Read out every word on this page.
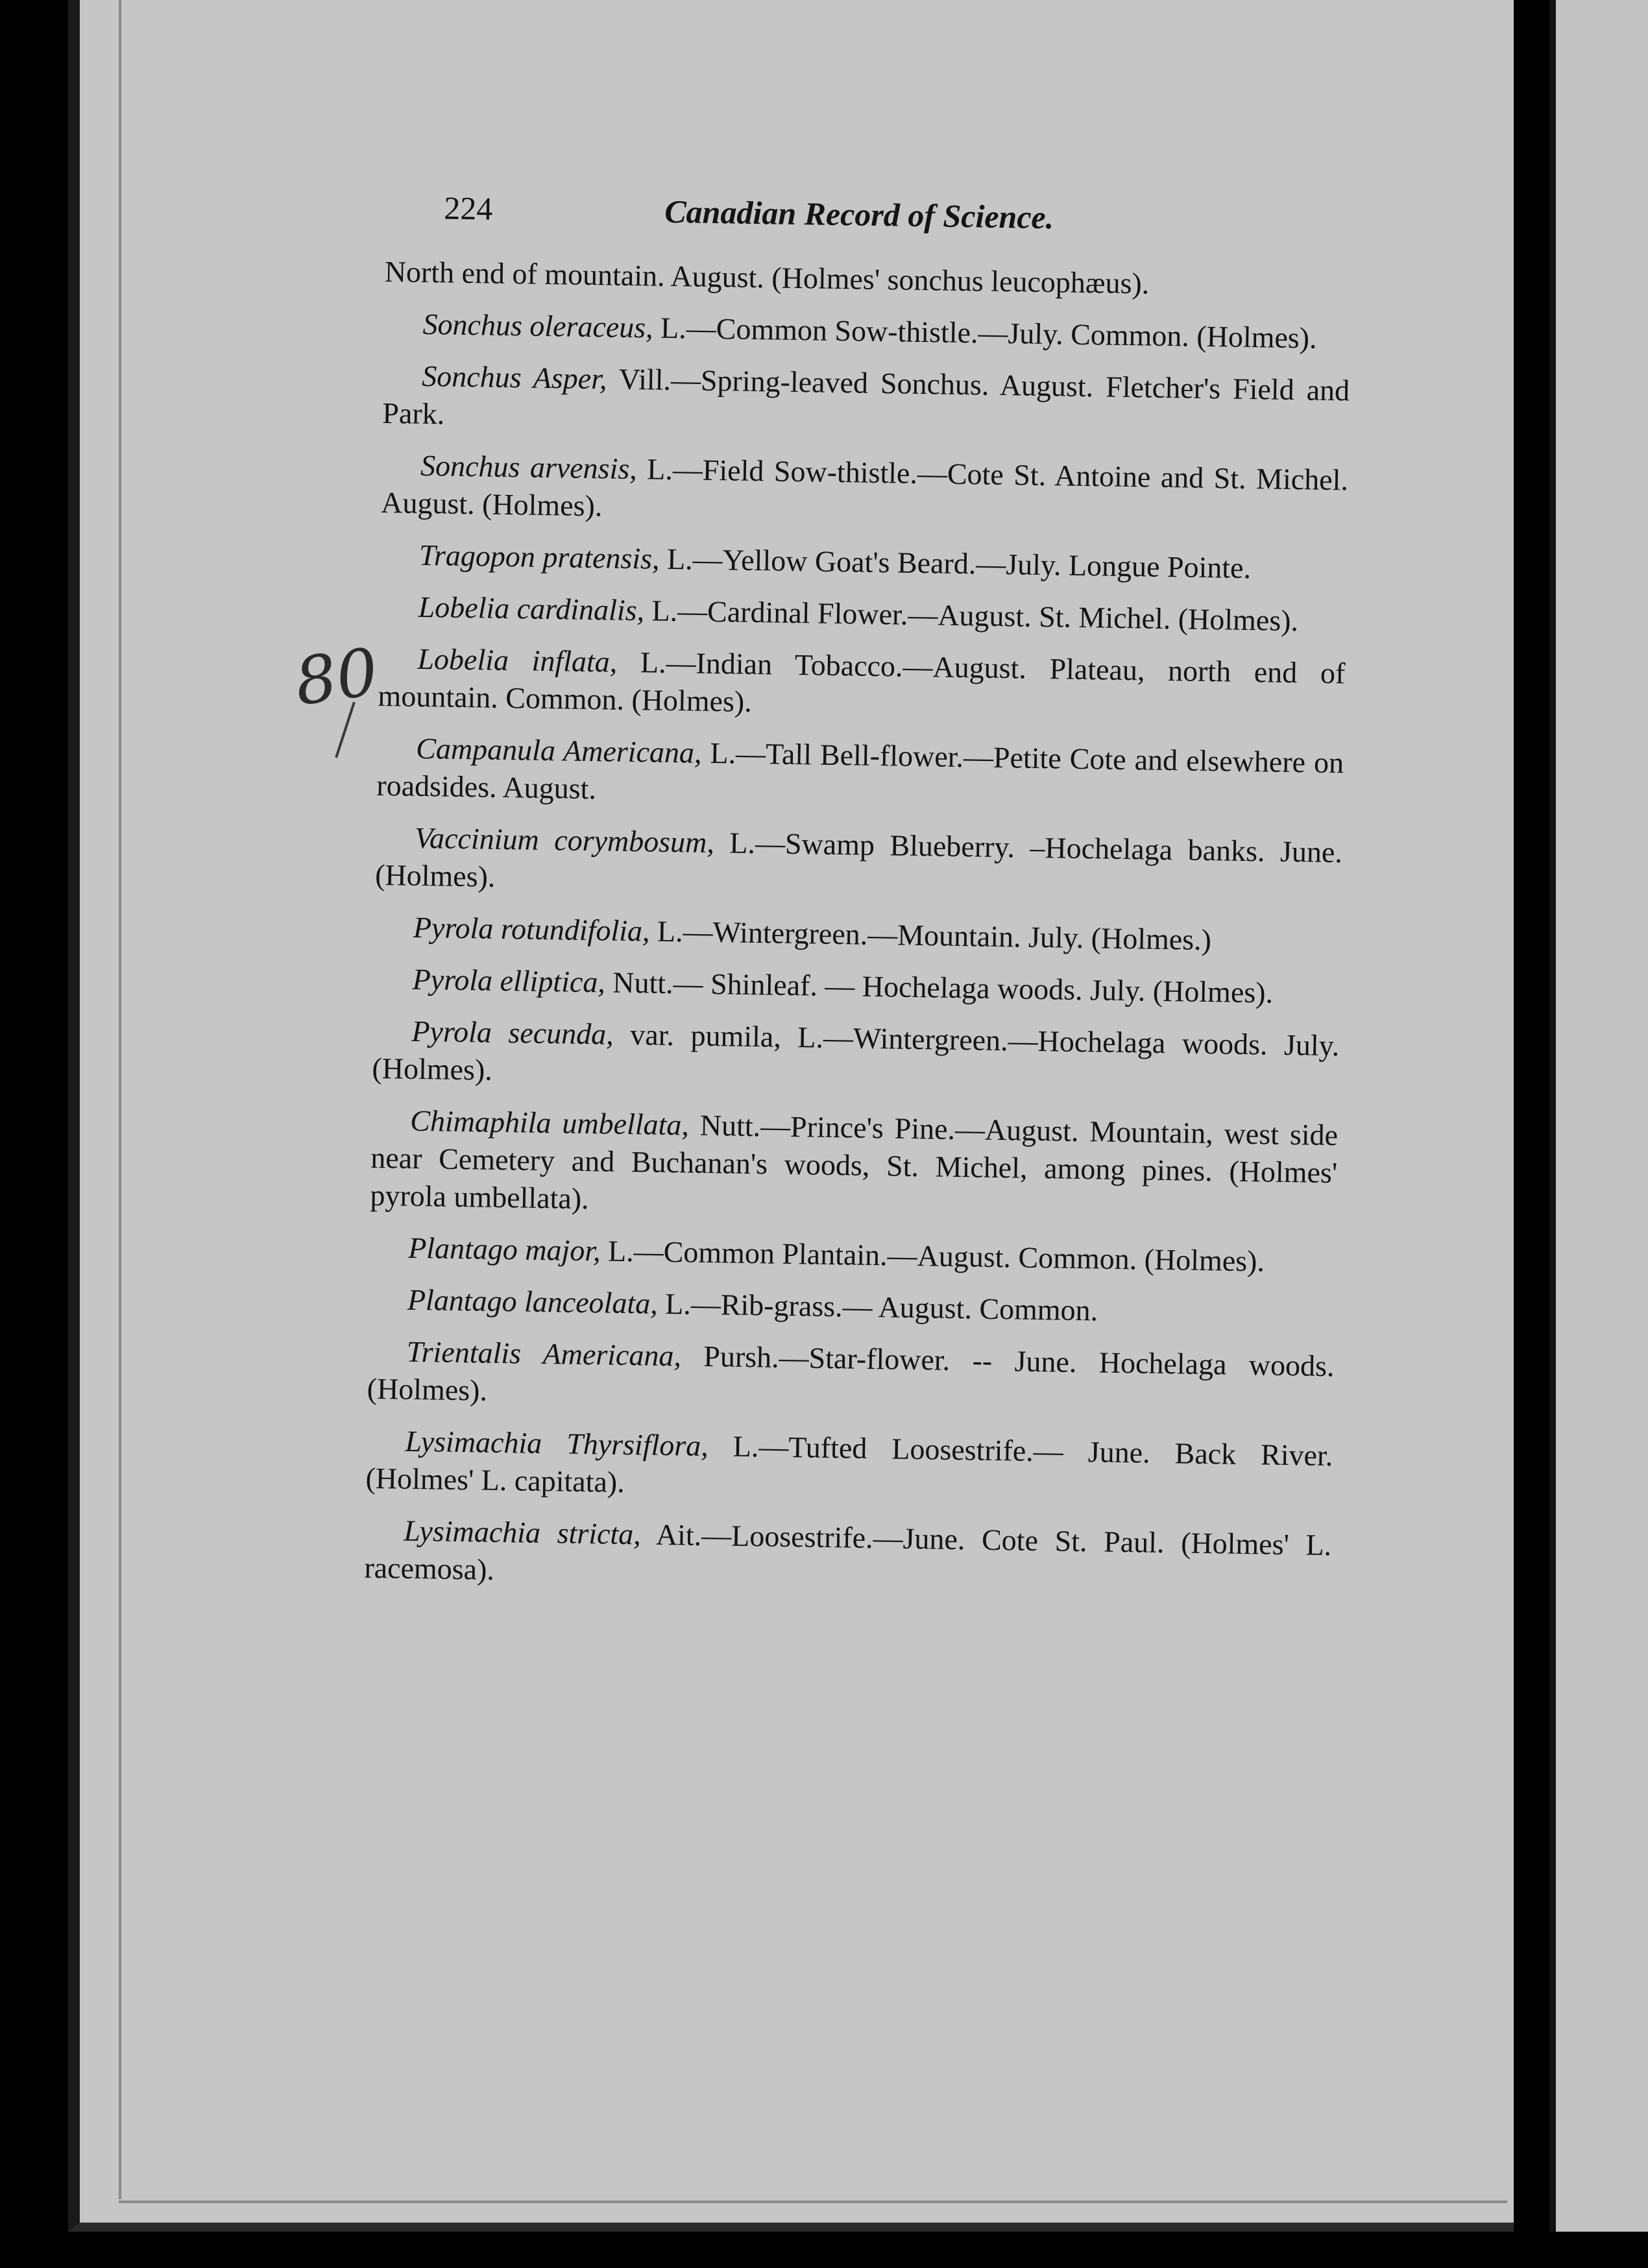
80
224	Canadian Record of Science.

North end of mountain. August. (Holmes' sonchus leucophæus).

Sonchus oleraceus, L.—Common Sow-thistle.—July. Common. (Holmes).

Sonchus Asper, Vill.—Spring-leaved Sonchus. August. Fletcher's Field and Park.

Sonchus arvensis, L.—Field Sow-thistle.—Cote St. Antoine and St. Michel. August. (Holmes).

Tragopon pratensis, L.—Yellow Goat's Beard.—July. Longue Pointe.

Lobelia cardinalis, L.—Cardinal Flower.—August. St. Michel. (Holmes).

Lobelia inflata, L.—Indian Tobacco.—August. Plateau, north end of mountain. Common. (Holmes).

Campanula Americana, L.—Tall Bell-flower.—Petite Cote and elsewhere on roadsides. August.

Vaccinium corymbosum, L.—Swamp Blueberry. –Hochelaga banks. June. (Holmes).

Pyrola rotundifolia, L.—Wintergreen.—Mountain. July. (Holmes.)

Pyrola elliptica, Nutt.— Shinleaf. — Hochelaga woods. July. (Holmes).

Pyrola secunda, var. pumila, L.—Wintergreen.—Hochelaga woods. July. (Holmes).

Chimaphila umbellata, Nutt.—Prince's Pine.—August. Mountain, west side near Cemetery and Buchanan's woods, St. Michel, among pines. (Holmes' pyrola umbellata).

Plantago major, L.—Common Plantain.—August. Common. (Holmes).

Plantago lanceolata, L.—Rib-grass.— August. Common.

Trientalis Americana, Pursh.—Star-flower. -- June. Hochelaga woods. (Holmes).

Lysimachia Thyrsiflora, L.—Tufted Loosestrife.— June. Back River. (Holmes' L. capitata).

Lysimachia stricta, Ait.—Loosestrife.—June. Cote St. Paul. (Holmes' L. racemosa).
